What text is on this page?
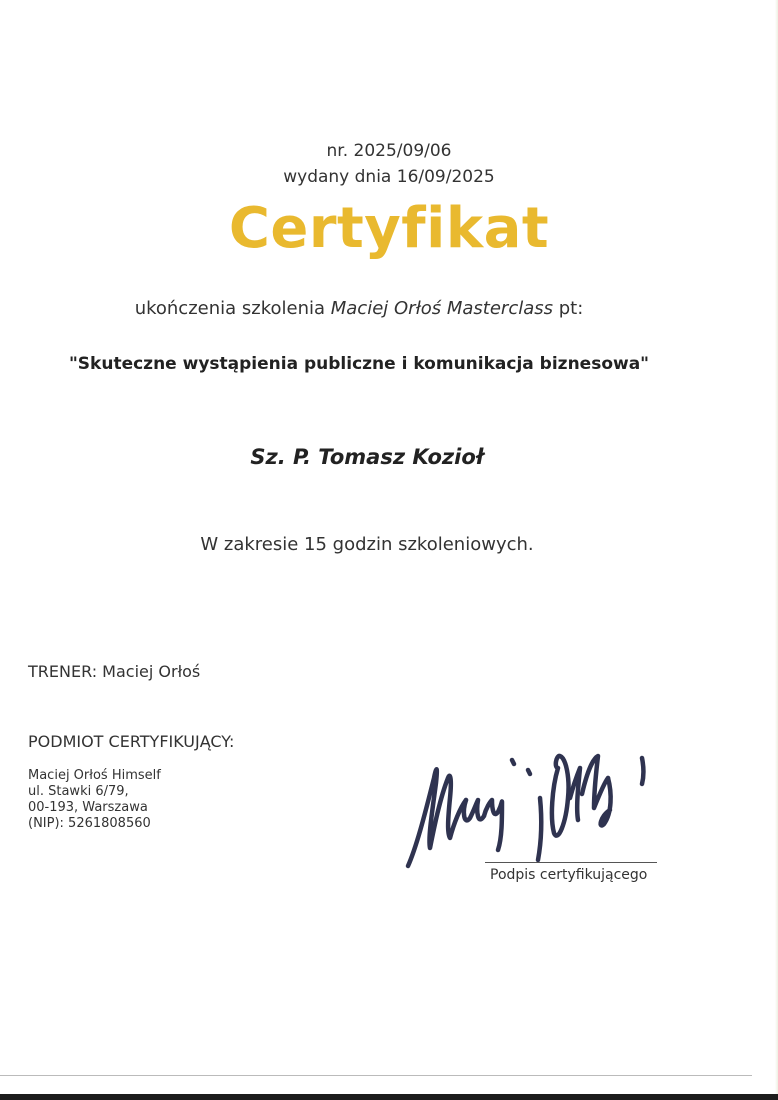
nr. 2025/09/06
wydany dnia 16/09/2025
Certyfikat
ukończenia szkolenia Maciej Orłoś Masterclass pt:
"Skuteczne wystąpienia publiczne i komunikacja biznesowa"
Sz. P. Tomasz Kozioł
W zakresie 15 godzin szkoleniowych.
TRENER: Maciej Orłoś
PODMIOT CERTYFIKUJĄCY:
Maciej Orłoś Himself
ul. Stawki 6/79,
00-193, Warszawa
(NIP): 5261808560
Podpis certyfikującego
